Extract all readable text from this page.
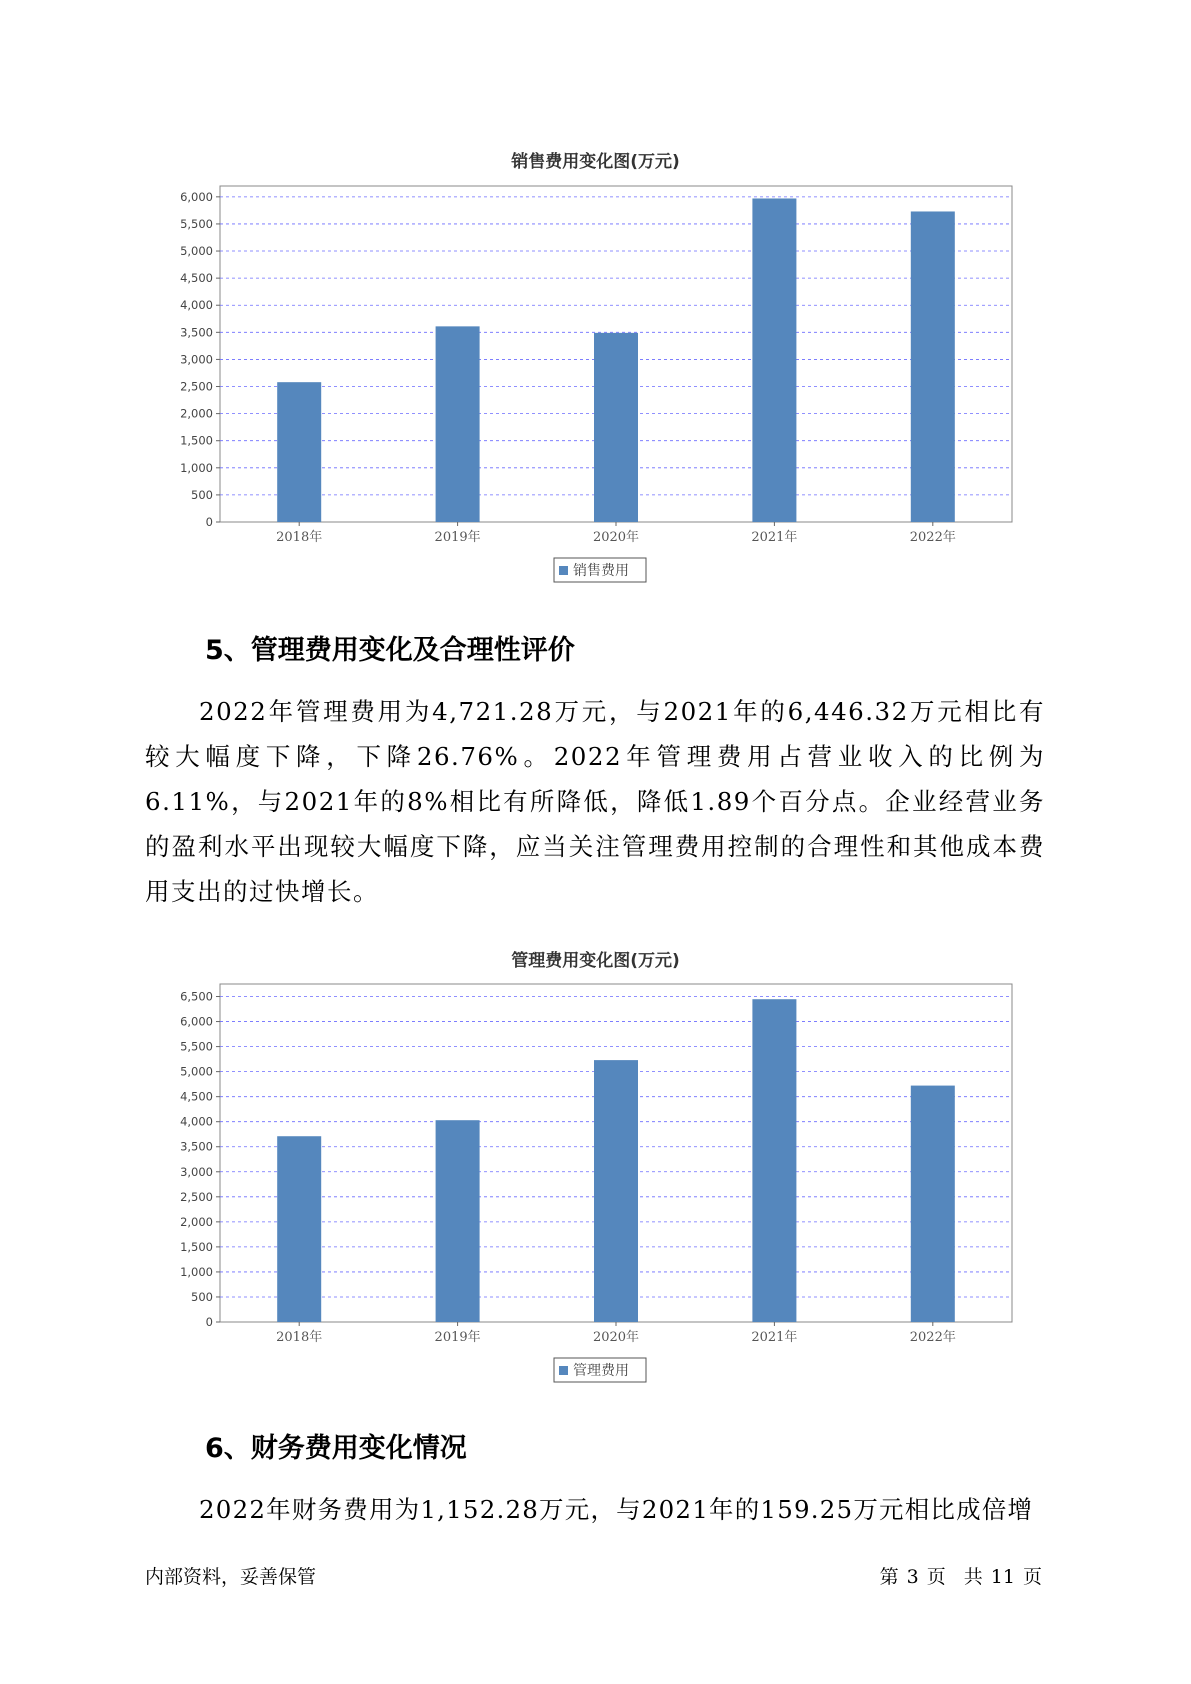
销售费用变化图(万元)
0
500
1,000
1,500
2,000
2,500
3,000
3,500
4,000
4,500
5,000
5,500
6,000
2018年	2019年	2020年	2021年	2022年
销售费用
5、管理费用变化及合理性评价

2022年管理费用为4,721.28万元，与2021年的6,446.32万元相比有较大幅度下降，下降26.76%。2022年管理费用占营业收入的比例为6.11%，与2021年的8%相比有所降低，降低1.89个百分点。企业经营业务的盈利水平出现较大幅度下降，应当关注管理费用控制的合理性和其他成本费用支出的过快增长。

管理费用变化图(万元)
0
500
1,000
1,500
2,000
2,500
3,000
3,500
4,000
4,500
5,000
5,500
6,000
6,500
2018年	2019年	2020年	2021年	2022年
管理费用
6、财务费用变化情况

2022年财务费用为1,152.28万元，与2021年的159.25万元相比成倍增

内部资料，妥善保管	第 3 页 共 11 页
